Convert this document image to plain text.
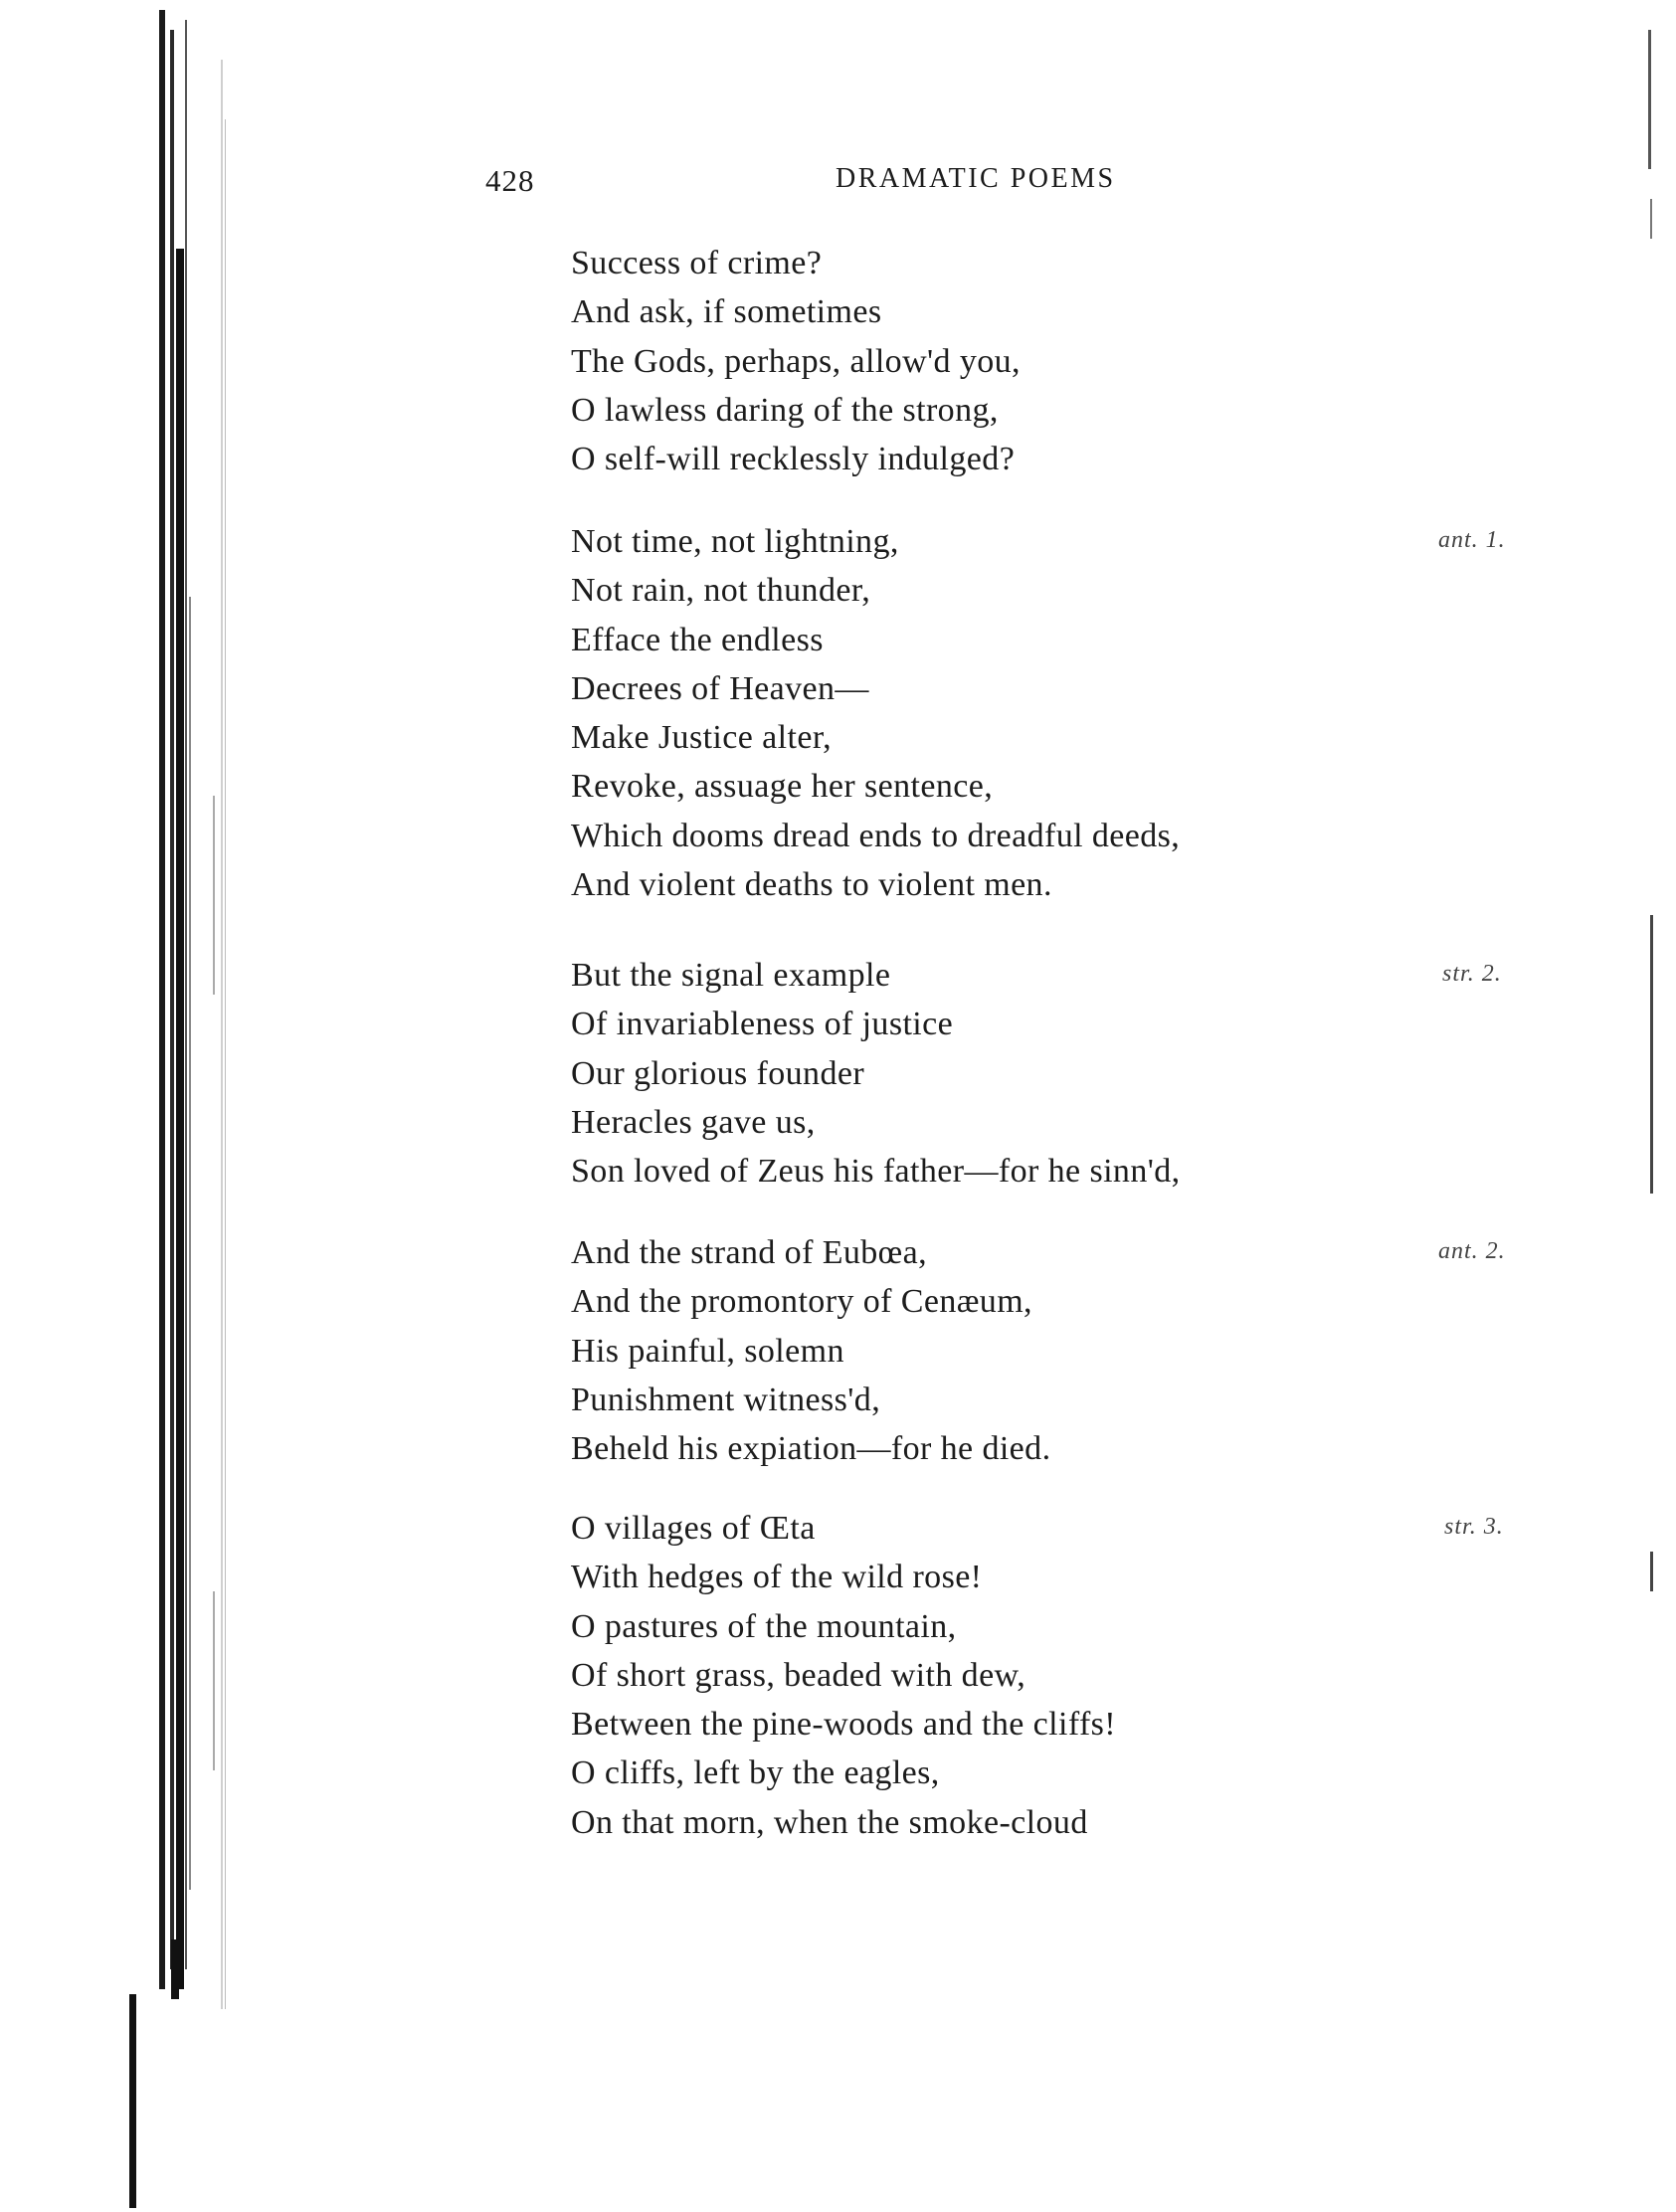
428	DRAMATIC POEMS
Success of crime?
And ask, if sometimes
The Gods, perhaps, allow'd you,
O lawless daring of the strong,
O self-will recklessly indulged?
ant. 1.
Not time, not lightning,
Not rain, not thunder,
Efface the endless
Decrees of Heaven—
Make Justice alter,
Revoke, assuage her sentence,
Which dooms dread ends to dreadful deeds,
And violent deaths to violent men.
str. 2.
But the signal example
Of invariableness of justice
Our glorious founder
Heracles gave us,
Son loved of Zeus his father—for he sinn'd,
ant. 2.
And the strand of Eubœa,
And the promontory of Cenæum,
His painful, solemn
Punishment witness'd,
Beheld his expiation—for he died.
str. 3.
O villages of Œta
With hedges of the wild rose!
O pastures of the mountain,
Of short grass, beaded with dew,
Between the pine-woods and the cliffs!
O cliffs, left by the eagles,
On that morn, when the smoke-cloud
